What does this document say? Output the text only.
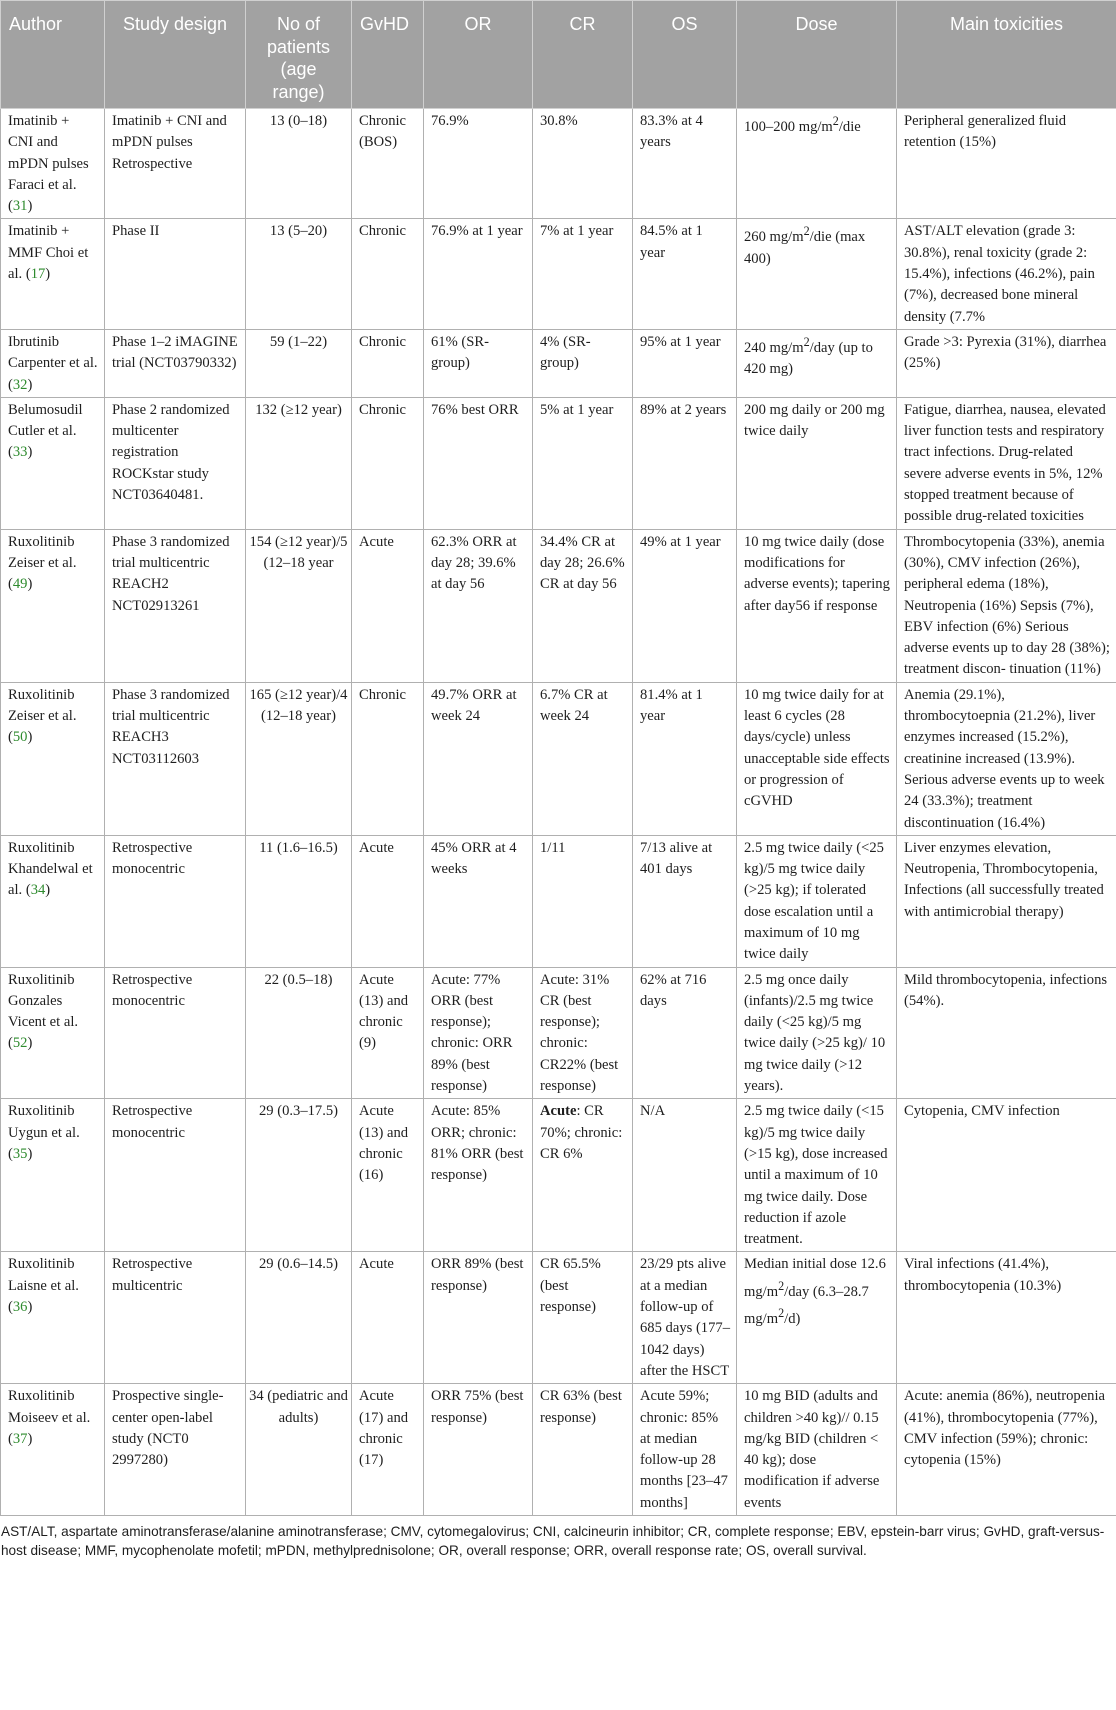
Author	Study design	No of patients (age range)	GvHD	OR	CR	OS	Dose	Main toxicities
Imatinib + CNI and mPDN pulses Faraci et al. (31)	Imatinib + CNI and mPDN pulses Retrospective	13 (0–18)	Chronic (BOS)	76.9%	30.8%	83.3% at 4 years	100–200 $mg/m^2$/die	Peripheral generalized fluid retention (15%)
Imatinib + MMF Choi et al. (17)	Phase II	13 (5–20)	Chronic	76.9% at 1 year	7% at 1 year	84.5% at 1 year	260 $mg/m^2$/die (max 400)	AST/ALT elevation (grade 3: 30.8%), renal toxicity (grade 2: 15.4%), infections (46.2%), pain (7%), decreased bone mineral density (7.7%
Ibrutinib Carpenter et al. (32)	Phase 1–2 iMAGINE trial (NCT03790332)	59 (1–22)	Chronic	61% (SR-group)	4% (SR-group)	95% at 1 year	240 $mg/m^2$/day (up to 420 mg)	Grade >3: Pyrexia (31%), diarrhea (25%)
Belumosudil Cutler et al. (33)	Phase 2 randomized multicenter registration ROCKstar study NCT03640481.	132 (≥12 year)	Chronic	76% best ORR	5% at 1 year	89% at 2 years	200 mg daily or 200 mg twice daily	Fatigue, diarrhea, nausea, elevated liver function tests and respiratory tract infections. Drug-related severe adverse events in 5%, 12% stopped treatment because of possible drug-related toxicities
Ruxolitinib Zeiser et al. (49)	Phase 3 randomized trial multicentric REACH2 NCT02913261	154 (≥12 year)/5 (12–18 year	Acute	62.3% ORR at day 28; 39.6% at day 56	34.4% CR at day 28; 26.6% CR at day 56	49% at 1 year	10 mg twice daily (dose modifications for adverse events); tapering after day56 if response	Thrombocytopenia (33%), anemia (30%), CMV infection (26%), peripheral edema (18%), Neutropenia (16%) Sepsis (7%), EBV infection (6%) Serious adverse events up to day 28 (38%); treatment discon- tinuation (11%)
Ruxolitinib Zeiser et al. (50)	Phase 3 randomized trial multicentric REACH3 NCT03112603	165 (≥12 year)/4 (12–18 year)	Chronic	49.7% ORR at week 24	6.7% CR at week 24	81.4% at 1 year	10 mg twice daily for at least 6 cycles (28 days/cycle) unless unacceptable side effects or progression of cGVHD	Anemia (29.1%), thrombocytoepnia (21.2%), liver enzymes increased (15.2%), creatinine increased (13.9%). Serious adverse events up to week 24 (33.3%); treatment discontinuation (16.4%)
Ruxolitinib Khandelwal et al. (34)	Retrospective monocentric	11 (1.6–16.5)	Acute	45% ORR at 4 weeks	1/11	7/13 alive at 401 days	2.5 mg twice daily (<25 kg)/5 mg twice daily (>25 kg); if tolerated dose escalation until a maximum of 10 mg twice daily	Liver enzymes elevation, Neutropenia, Thrombocytopenia, Infections (all successfully treated with antimicrobial therapy)
Ruxolitinib Gonzales Vicent et al. (52)	Retrospective monocentric	22 (0.5–18)	Acute (13) and chronic (9)	Acute: 77% ORR (best response); chronic: ORR 89% (best response)	Acute: 31% CR (best response); chronic: CR22% (best response)	62% at 716 days	2.5 mg once daily (infants)/2.5 mg twice daily (<25 kg)/5 mg twice daily (>25 kg)/ 10 mg twice daily (>12 years).	Mild thrombocytopenia, infections (54%).
Ruxolitinib Uygun et al. (35)	Retrospective monocentric	29 (0.3–17.5)	Acute (13) and chronic (16)	Acute: 85% ORR; chronic: 81% ORR (best response)	Acute: CR 70%; chronic: CR 6%	N/A	2.5 mg twice daily (<15 kg)/5 mg twice daily (>15 kg), dose increased until a maximum of 10 mg twice daily. Dose reduction if azole treatment.	Cytopenia, CMV infection
Ruxolitinib Laisne et al. (36)	Retrospective multicentric	29 (0.6–14.5)	Acute	ORR 89% (best response)	CR 65.5% (best response)	23/29 pts alive at a median follow-up of 685 days (177–1042 days) after the HSCT	Median initial dose 12.6 $mg/m^2$/day (6.3–28.7 $mg/m^2/d$)	Viral infections (41.4%), thrombocytopenia (10.3%)
Ruxolitinib Moiseev et al. (37)	Prospective single-center open-label study (NCT0 2997280)	34 (pediatric and adults)	Acute (17) and chronic (17)	ORR 75% (best response)	CR 63% (best response)	Acute 59%; chronic: 85% at median follow-up 28 months [23–47 months]	10 mg BID (adults and children >40 kg)// 0.15 mg/kg BID (children < 40 kg); dose modification if adverse events	Acute: anemia (86%), neutropenia (41%), thrombocytopenia (77%), CMV infection (59%); chronic: cytopenia (15%)
AST/ALT, aspartate aminotransferase/alanine aminotransferase; CMV, cytomegalovirus; CNI, calcineurin inhibitor; CR, complete response; EBV, epstein-barr virus; GvHD, graft-versus-host disease; MMF, mycophenolate mofetil; mPDN, methylprednisolone; OR, overall response; ORR, overall response rate; OS, overall survival.
